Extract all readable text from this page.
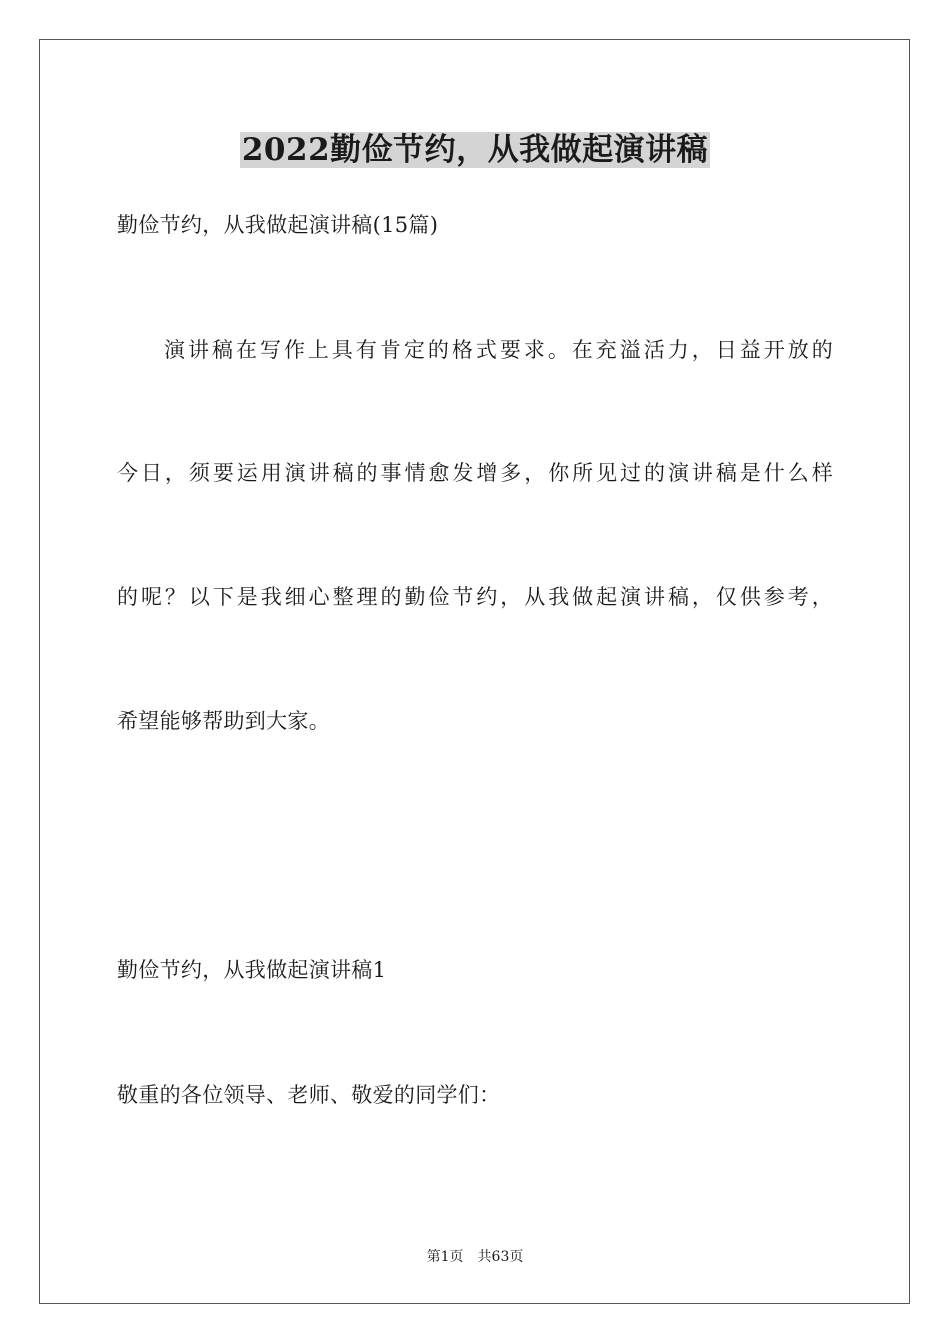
2022勤俭节约，从我做起演讲稿
勤俭节约，从我做起演讲稿(15篇)
演讲稿在写作上具有肯定的格式要求。在充溢活力，日益开放的
今日，须要运用演讲稿的事情愈发增多，你所见过的演讲稿是什么样
的呢？以下是我细心整理的勤俭节约，从我做起演讲稿，仅供参考，
希望能够帮助到大家。
勤俭节约，从我做起演讲稿1
敬重的各位领导、老师、敬爱的同学们：
第1页　共63页
